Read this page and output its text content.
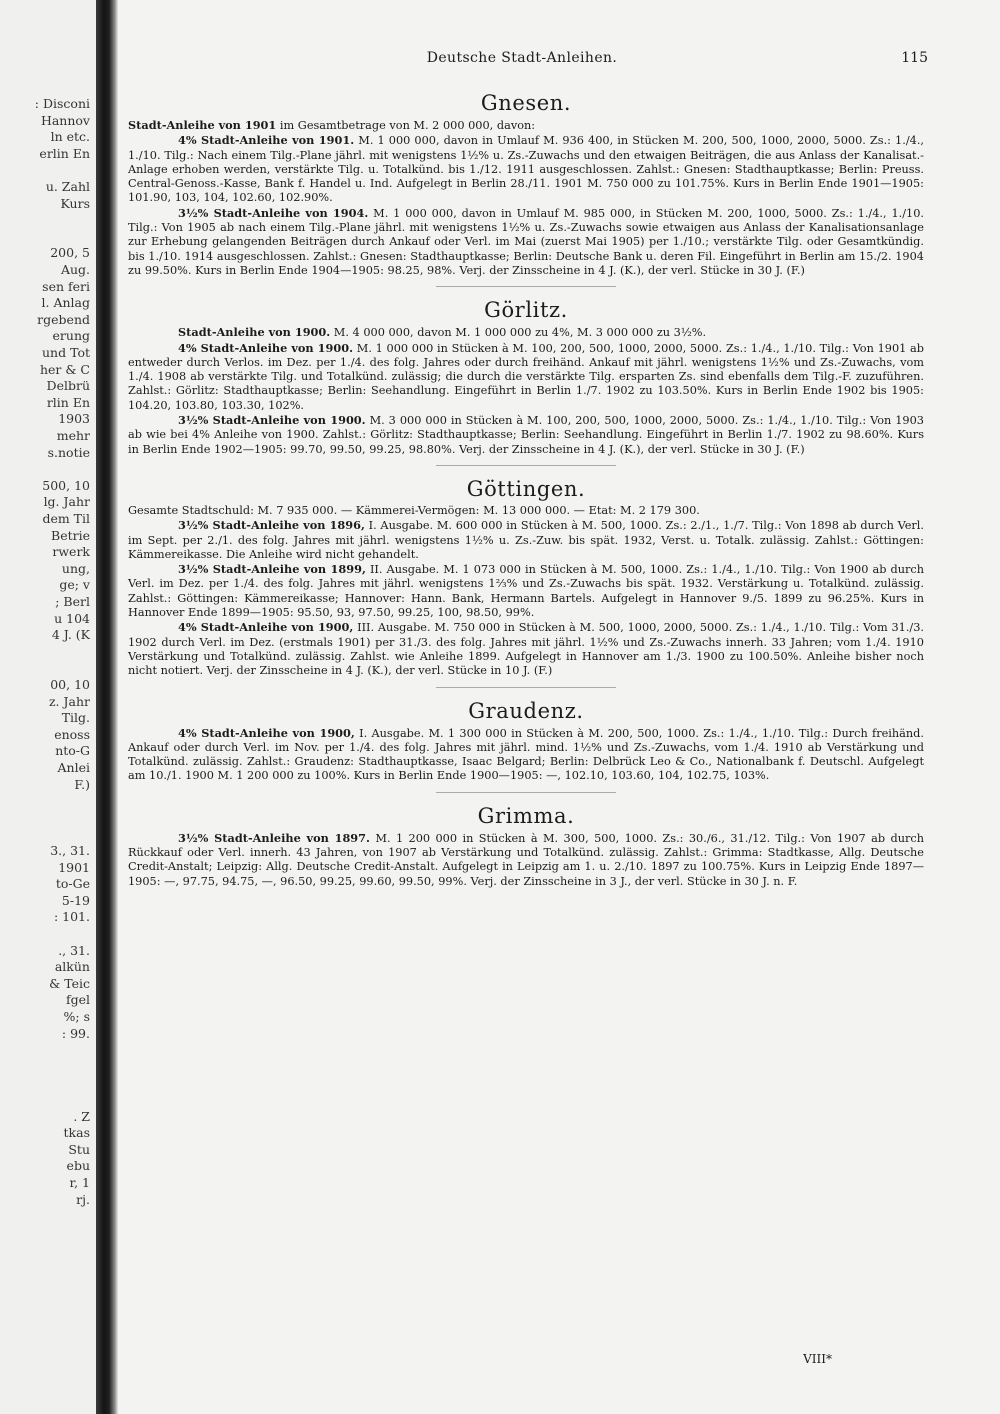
: Disconi
Hannov
ln etc.
erlin En
u. Zahl
Kurs
200, 5
Aug.
sen feri
l. Anlag
rgebend
erung
und Tot
her & C
Delbrü
rlin En
1903
mehr
s.notie
500, 10
lg. Jahr
dem Til
Betrie
rwerk
ung,
ge; v
; Berl
u 104
4 J. (K
00, 10
z. Jahr
Tilg.
enoss
nto-G
Anlei
F.)
3., 31.
1901
to-Ge
5-19
: 101.
., 31.
alkün
& Teic
fgel
%; s
: 99.
. Z
tkas
Stu
ebu
r, 1
rj.
Deutsche Stadt-Anleihen.	115
Gnesen.

Stadt-Anleihe von 1901 im Gesamtbetrage von M. 2 000 000, davon:

4% Stadt-Anleihe von 1901. M. 1 000 000, davon in Umlauf M. 936 400, in Stücken M. 200, 500, 1000, 2000, 5000. Zs.: 1./4., 1./10. Tilg.: Nach einem Tilg.-Plane jährl. mit wenigstens 1½% u. Zs.-Zuwachs und den etwaigen Beiträgen, die aus Anlass der Kanalisat.-Anlage erhoben werden, verstärkte Tilg. u. Totalkünd. bis 1./12. 1911 ausgeschlossen. Zahlst.: Gnesen: Stadthauptkasse; Berlin: Preuss. Central-Genoss.-Kasse, Bank f. Handel u. Ind. Aufgelegt in Berlin 28./11. 1901 M. 750 000 zu 101.75%. Kurs in Berlin Ende 1901—1905: 101.90, 103, 104, 102.60, 102.90%.

3½% Stadt-Anleihe von 1904. M. 1 000 000, davon in Umlauf M. 985 000, in Stücken M. 200, 1000, 5000. Zs.: 1./4., 1./10. Tilg.: Von 1905 ab nach einem Tilg.-Plane jährl. mit wenigstens 1½% u. Zs.-Zuwachs sowie etwaigen aus Anlass der Kanalisationsanlage zur Erhebung gelangenden Beiträgen durch Ankauf oder Verl. im Mai (zuerst Mai 1905) per 1./10.; verstärkte Tilg. oder Gesamtkündig. bis 1./10. 1914 ausgeschlossen. Zahlst.: Gnesen: Stadthauptkasse; Berlin: Deutsche Bank u. deren Fil. Eingeführt in Berlin am 15./2. 1904 zu 99.50%. Kurs in Berlin Ende 1904—1905: 98.25, 98%. Verj. der Zinsscheine in 4 J. (K.), der verl. Stücke in 30 J. (F.)

Görlitz.

Stadt-Anleihe von 1900. M. 4 000 000, davon M. 1 000 000 zu 4%, M. 3 000 000 zu 3½%.

4% Stadt-Anleihe von 1900. M. 1 000 000 in Stücken à M. 100, 200, 500, 1000, 2000, 5000. Zs.: 1./4., 1./10. Tilg.: Von 1901 ab entweder durch Verlos. im Dez. per 1./4. des folg. Jahres oder durch freihänd. Ankauf mit jährl. wenigstens 1½% und Zs.-Zuwachs, vom 1./4. 1908 ab verstärkte Tilg. und Totalkünd. zulässig; die durch die verstärkte Tilg. ersparten Zs. sind ebenfalls dem Tilg.-F. zuzuführen. Zahlst.: Görlitz: Stadthauptkasse; Berlin: Seehandlung. Eingeführt in Berlin 1./7. 1902 zu 103.50%. Kurs in Berlin Ende 1902 bis 1905: 104.20, 103.80, 103.30, 102%.

3½% Stadt-Anleihe von 1900. M. 3 000 000 in Stücken à M. 100, 200, 500, 1000, 2000, 5000. Zs.: 1./4., 1./10. Tilg.: Von 1903 ab wie bei 4% Anleihe von 1900. Zahlst.: Görlitz: Stadthauptkasse; Berlin: Seehandlung. Eingeführt in Berlin 1./7. 1902 zu 98.60%. Kurs in Berlin Ende 1902—1905: 99.70, 99.50, 99.25, 98.80%. Verj. der Zinsscheine in 4 J. (K.), der verl. Stücke in 30 J. (F.)

Göttingen.

Gesamte Stadtschuld: M. 7 935 000. — Kämmerei-Vermögen: M. 13 000 000. — Etat: M. 2 179 300.

3½% Stadt-Anleihe von 1896, I. Ausgabe. M. 600 000 in Stücken à M. 500, 1000. Zs.: 2./1., 1./7. Tilg.: Von 1898 ab durch Verl. im Sept. per 2./1. des folg. Jahres mit jährl. wenigstens 1½% u. Zs.-Zuw. bis spät. 1932, Verst. u. Totalk. zulässig. Zahlst.: Göttingen: Kämmereikasse. Die Anleihe wird nicht gehandelt.

3½% Stadt-Anleihe von 1899, II. Ausgabe. M. 1 073 000 in Stücken à M. 500, 1000. Zs.: 1./4., 1./10. Tilg.: Von 1900 ab durch Verl. im Dez. per 1./4. des folg. Jahres mit jährl. wenigstens 1⅔% und Zs.-Zuwachs bis spät. 1932. Verstärkung u. Totalkünd. zulässig. Zahlst.: Göttingen: Kämmereikasse; Hannover: Hann. Bank, Hermann Bartels. Aufgelegt in Hannover 9./5. 1899 zu 96.25%. Kurs in Hannover Ende 1899—1905: 95.50, 93, 97.50, 99.25, 100, 98.50, 99%.

4% Stadt-Anleihe von 1900, III. Ausgabe. M. 750 000 in Stücken à M. 500, 1000, 2000, 5000. Zs.: 1./4., 1./10. Tilg.: Vom 31./3. 1902 durch Verl. im Dez. (erstmals 1901) per 31./3. des folg. Jahres mit jährl. 1½% und Zs.-Zuwachs innerh. 33 Jahren; vom 1./4. 1910 Verstärkung und Totalkünd. zulässig. Zahlst. wie Anleihe 1899. Aufgelegt in Hannover am 1./3. 1900 zu 100.50%. Anleihe bisher noch nicht notiert. Verj. der Zinsscheine in 4 J. (K.), der verl. Stücke in 10 J. (F.)

Graudenz.

4% Stadt-Anleihe von 1900, I. Ausgabe. M. 1 300 000 in Stücken à M. 200, 500, 1000. Zs.: 1./4., 1./10. Tilg.: Durch freihänd. Ankauf oder durch Verl. im Nov. per 1./4. des folg. Jahres mit jährl. mind. 1½% und Zs.-Zuwachs, vom 1./4. 1910 ab Verstärkung und Totalkünd. zulässig. Zahlst.: Graudenz: Stadthauptkasse, Isaac Belgard; Berlin: Delbrück Leo & Co., Nationalbank f. Deutschl. Aufgelegt am 10./1. 1900 M. 1 200 000 zu 100%. Kurs in Berlin Ende 1900—1905: —, 102.10, 103.60, 104, 102.75, 103%.

Grimma.

3½% Stadt-Anleihe von 1897. M. 1 200 000 in Stücken à M. 300, 500, 1000. Zs.: 30./6., 31./12. Tilg.: Von 1907 ab durch Rückkauf oder Verl. innerh. 43 Jahren, von 1907 ab Verstärkung und Totalkünd. zulässig. Zahlst.: Grimma: Stadtkasse, Allg. Deutsche Credit-Anstalt; Leipzig: Allg. Deutsche Credit-Anstalt. Aufgelegt in Leipzig am 1. u. 2./10. 1897 zu 100.75%. Kurs in Leipzig Ende 1897—1905: —, 97.75, 94.75, —, 96.50, 99.25, 99.60, 99.50, 99%. Verj. der Zinsscheine in 3 J., der verl. Stücke in 30 J. n. F.

VIII*
